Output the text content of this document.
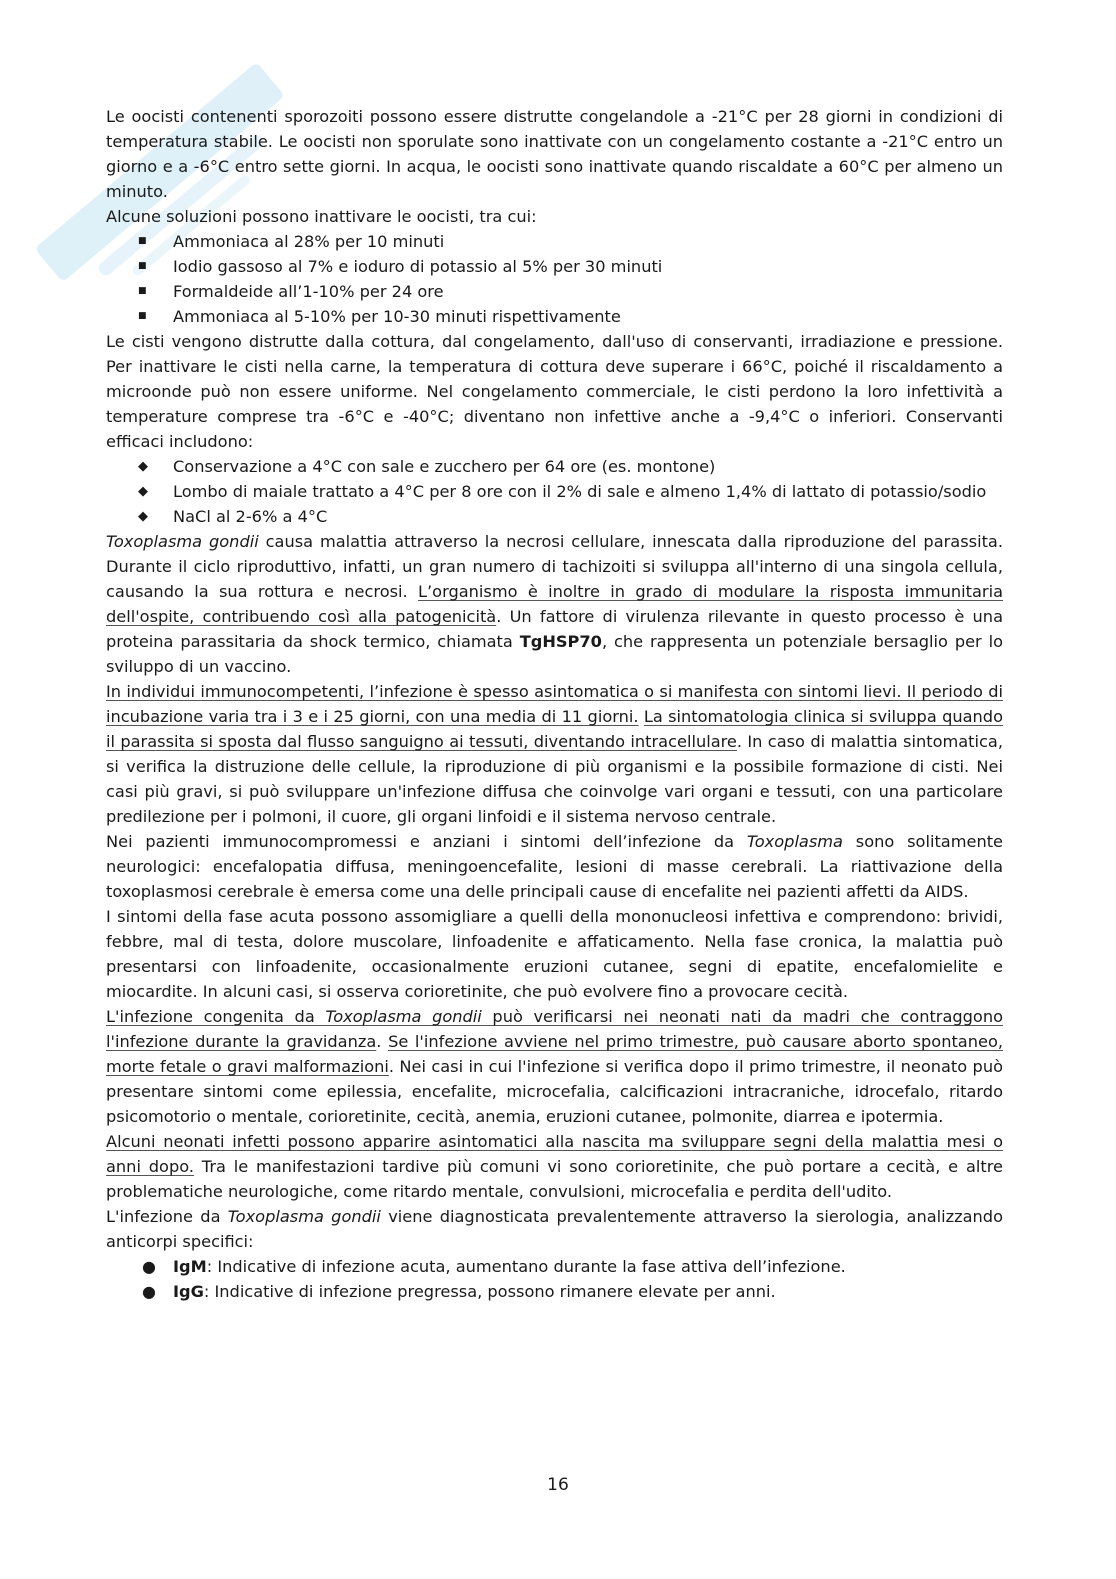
Le oocisti contenenti sporozoiti possono essere distrutte congelandole a -21°C per 28 giorni in condizioni di temperatura stabile. Le oocisti non sporulate sono inattivate con un congelamento costante a -21°C entro un giorno e a -6°C entro sette giorni. In acqua, le oocisti sono inattivate quando riscaldate a 60°C per almeno un minuto.

Alcune soluzioni possono inattivare le oocisti, tra cui:

■ Ammoniaca al 28% per 10 minuti
■ Iodio gassoso al 7% e ioduro di potassio al 5% per 30 minuti
■ Formaldeide all’1-10% per 24 ore
■ Ammoniaca al 5-10% per 10-30 minuti rispettivamente

Le cisti vengono distrutte dalla cottura, dal congelamento, dall'uso di conservanti, irradiazione e pressione. Per inattivare le cisti nella carne, la temperatura di cottura deve superare i 66°C, poiché il riscaldamento a microonde può non essere uniforme. Nel congelamento commerciale, le cisti perdono la loro infettività a temperature comprese tra -6°C e -40°C; diventano non infettive anche a -9,4°C o inferiori. Conservanti efficaci includono:

◆ Conservazione a 4°C con sale e zucchero per 64 ore (es. montone)
◆ Lombo di maiale trattato a 4°C per 8 ore con il 2% di sale e almeno 1,4% di lattato di potassio/sodio
◆ NaCl al 2-6% a 4°C

Toxoplasma gondii causa malattia attraverso la necrosi cellulare, innescata dalla riproduzione del parassita. Durante il ciclo riproduttivo, infatti, un gran numero di tachizoiti si sviluppa all'interno di una singola cellula, causando la sua rottura e necrosi. L’organismo è inoltre in grado di modulare la risposta immunitaria dell'ospite, contribuendo così alla patogenicità. Un fattore di virulenza rilevante in questo processo è una proteina parassitaria da shock termico, chiamata TgHSP70, che rappresenta un potenziale bersaglio per lo sviluppo di un vaccino.

In individui immunocompetenti, l’infezione è spesso asintomatica o si manifesta con sintomi lievi. Il periodo di incubazione varia tra i 3 e i 25 giorni, con una media di 11 giorni. La sintomatologia clinica si sviluppa quando il parassita si sposta dal flusso sanguigno ai tessuti, diventando intracellulare. In caso di malattia sintomatica, si verifica la distruzione delle cellule, la riproduzione di più organismi e la possibile formazione di cisti. Nei casi più gravi, si può sviluppare un'infezione diffusa che coinvolge vari organi e tessuti, con una particolare predilezione per i polmoni, il cuore, gli organi linfoidi e il sistema nervoso centrale.

Nei pazienti immunocompromessi e anziani i sintomi dell’infezione da Toxoplasma sono solitamente neurologici: encefalopatia diffusa, meningoencefalite, lesioni di masse cerebrali. La riattivazione della toxoplasmosi cerebrale è emersa come una delle principali cause di encefalite nei pazienti affetti da AIDS.

I sintomi della fase acuta possono assomigliare a quelli della mononucleosi infettiva e comprendono: brividi, febbre, mal di testa, dolore muscolare, linfoadenite e affaticamento. Nella fase cronica, la malattia può presentarsi con linfoadenite, occasionalmente eruzioni cutanee, segni di epatite, encefalomielite e miocardite. In alcuni casi, si osserva corioretinite, che può evolvere fino a provocare cecità.

L'infezione congenita da Toxoplasma gondii può verificarsi nei neonati nati da madri che contraggono l'infezione durante la gravidanza. Se l'infezione avviene nel primo trimestre, può causare aborto spontaneo, morte fetale o gravi malformazioni. Nei casi in cui l'infezione si verifica dopo il primo trimestre, il neonato può presentare sintomi come epilessia, encefalite, microcefalia, calcificazioni intracraniche, idrocefalo, ritardo psicomotorio o mentale, corioretinite, cecità, anemia, eruzioni cutanee, polmonite, diarrea e ipotermia.

Alcuni neonati infetti possono apparire asintomatici alla nascita ma sviluppare segni della malattia mesi o anni dopo. Tra le manifestazioni tardive più comuni vi sono corioretinite, che può portare a cecità, e altre problematiche neurologiche, come ritardo mentale, convulsioni, microcefalia e perdita dell'udito.

L'infezione da Toxoplasma gondii viene diagnosticata prevalentemente attraverso la sierologia, analizzando anticorpi specifici:

● IgM: Indicative di infezione acuta, aumentano durante la fase attiva dell’infezione.
● IgG: Indicative di infezione pregressa, possono rimanere elevate per anni.
16
